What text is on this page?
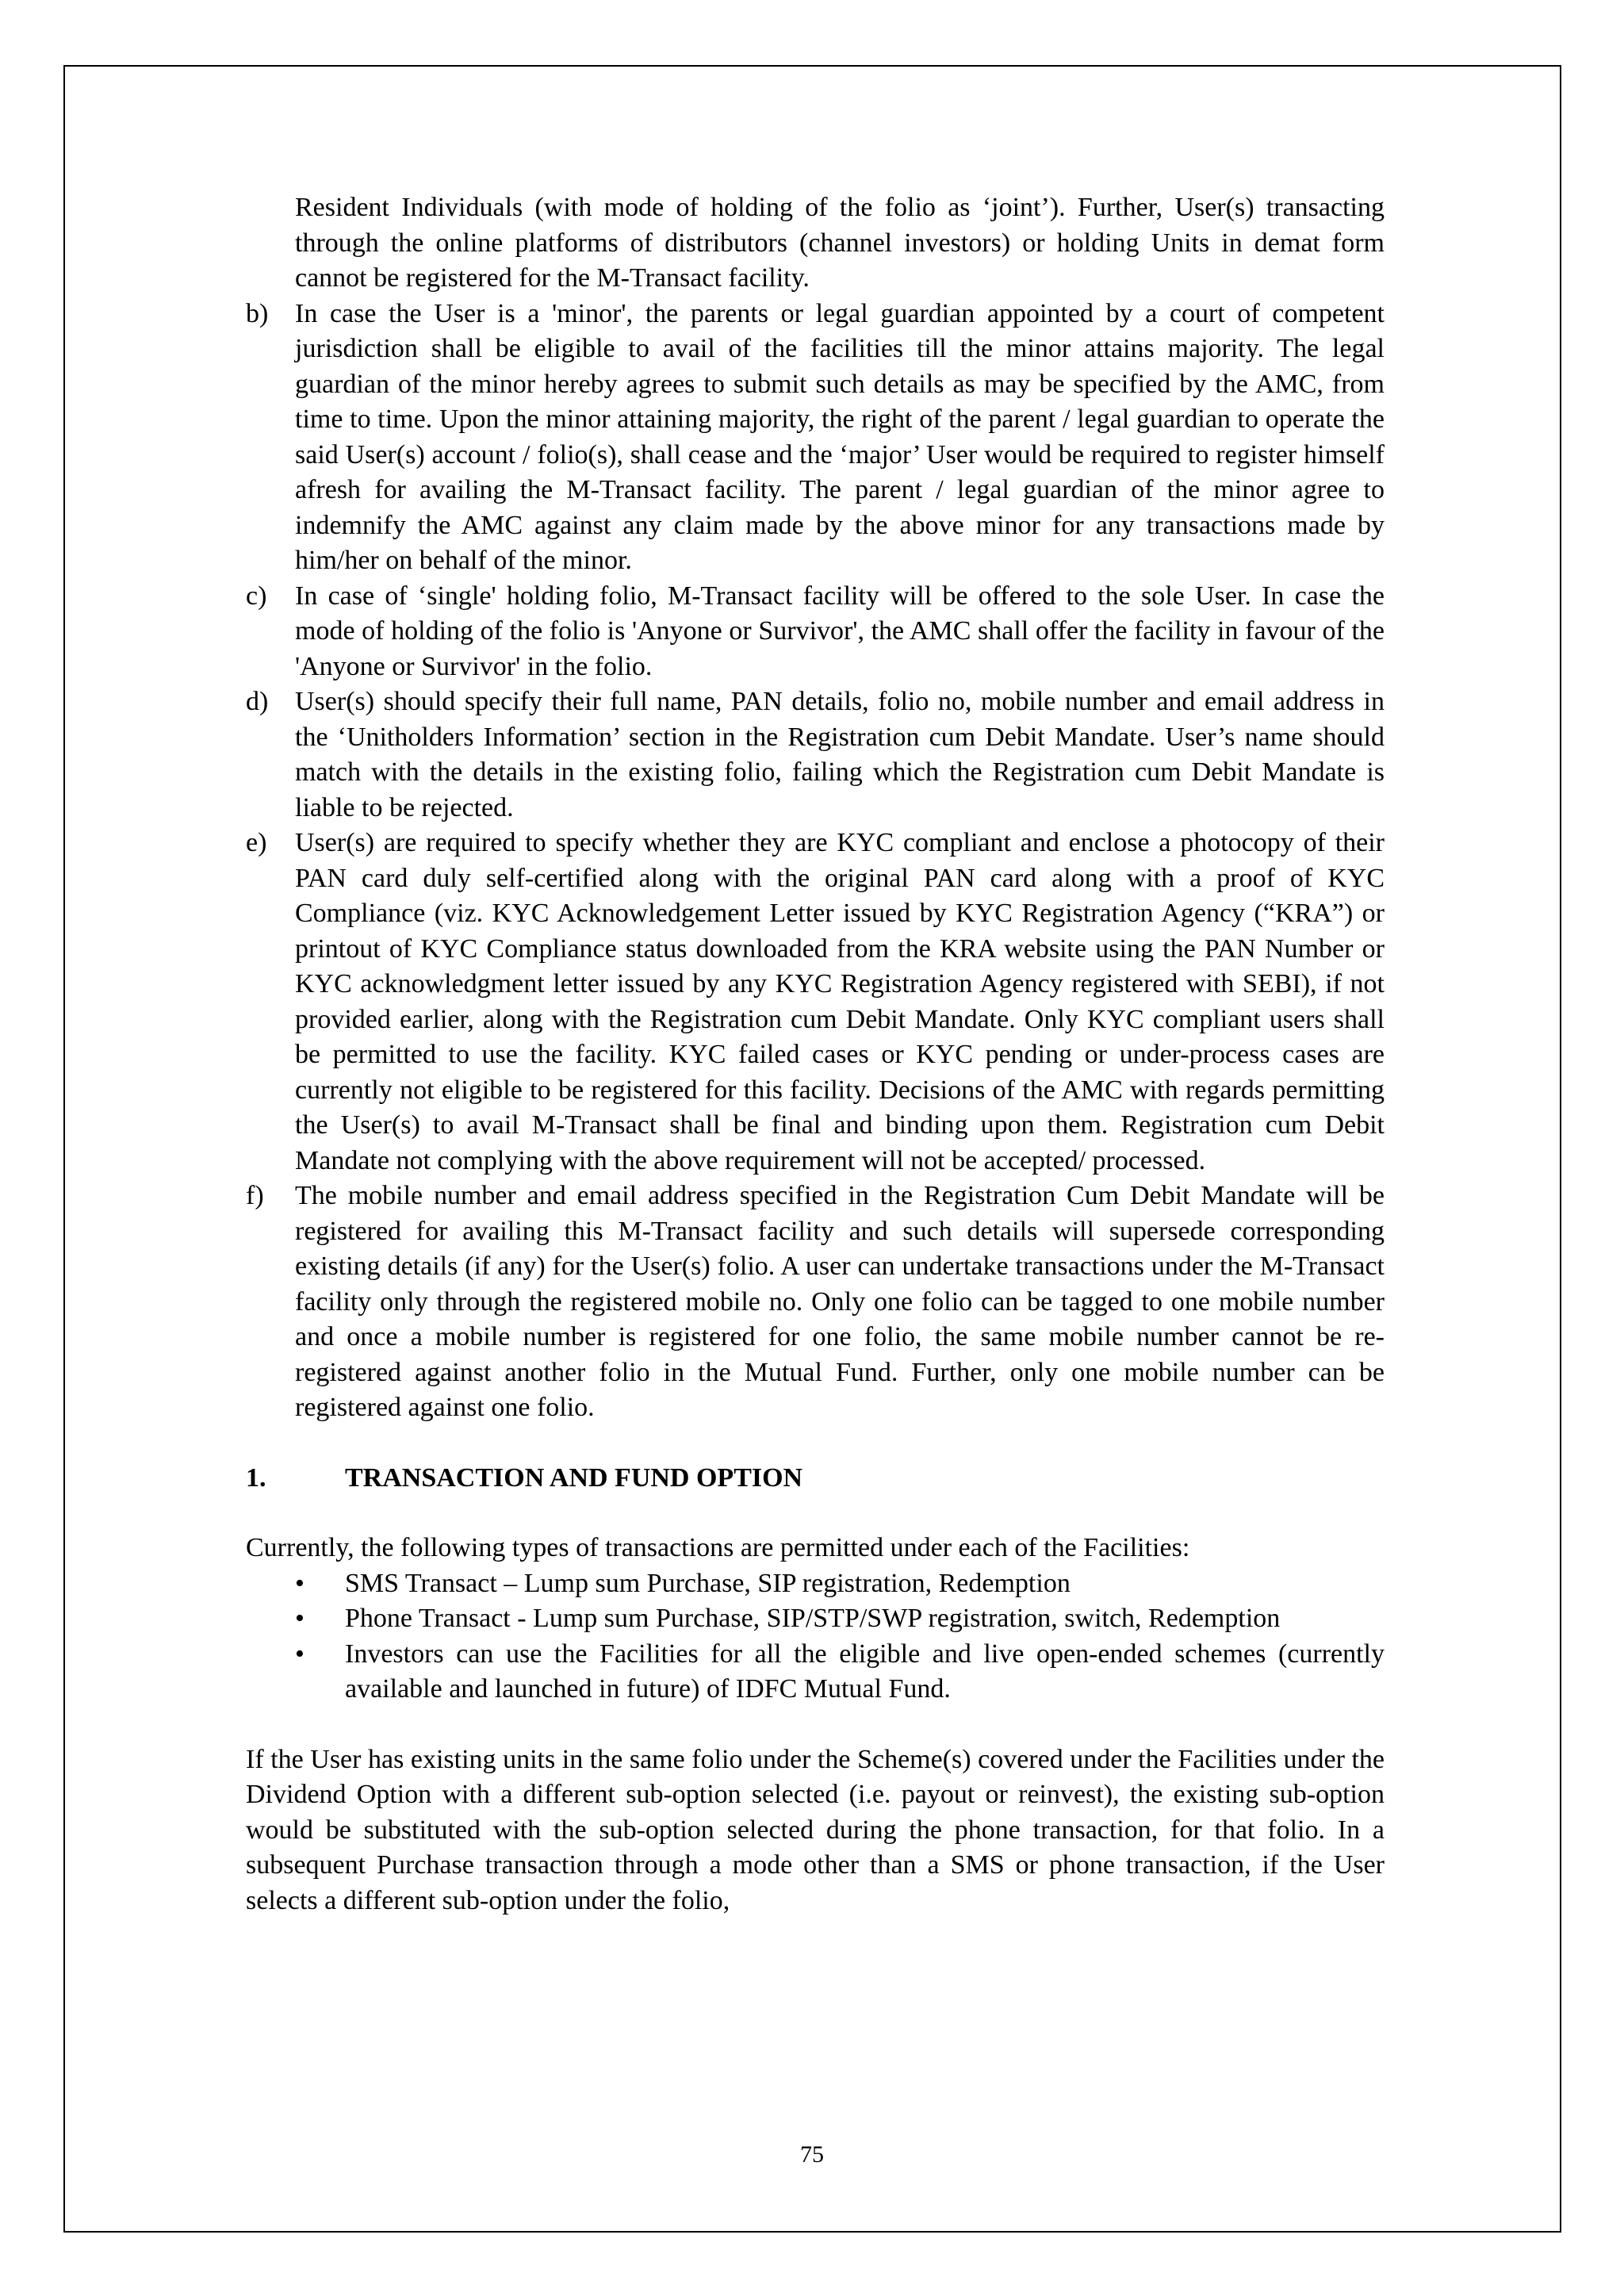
Resident Individuals (with mode of holding of the folio as ‘joint’). Further, User(s) transacting through the online platforms of distributors (channel investors) or holding Units in demat form cannot be registered for the M-Transact facility.

b) In case the User is a 'minor', the parents or legal guardian appointed by a court of competent jurisdiction shall be eligible to avail of the facilities till the minor attains majority. The legal guardian of the minor hereby agrees to submit such details as may be specified by the AMC, from time to time. Upon the minor attaining majority, the right of the parent / legal guardian to operate the said User(s) account / folio(s), shall cease and the ‘major’ User would be required to register himself afresh for availing the M-Transact facility. The parent / legal guardian of the minor agree to indemnify the AMC against any claim made by the above minor for any transactions made by him/her on behalf of the minor.
c)	In case of ‘single' holding folio, M-Transact facility will be offered to the sole User. In case the mode of holding of the folio is 'Anyone or Survivor', the AMC shall offer the facility in favour of the 'Anyone or Survivor' in the folio.
d) User(s) should specify their full name, PAN details, folio no, mobile number and email address in the ‘Unitholders Information’ section in the Registration cum Debit Mandate. User’s name should match with the details in the existing folio, failing which the Registration cum Debit Mandate is liable to be rejected.
e)	User(s) are required to specify whether they are KYC compliant and enclose a photocopy of their PAN card duly self-certified along with the original PAN card along with a proof of KYC Compliance (viz. KYC Acknowledgement Letter issued by KYC Registration Agency (“KRA”) or printout of KYC Compliance status downloaded from the KRA website using the PAN Number or KYC acknowledgment letter issued by any KYC Registration Agency registered with SEBI), if not provided earlier, along with the Registration cum Debit Mandate. Only KYC compliant users shall be permitted to use the facility. KYC failed cases or KYC pending or under-process cases are currently not eligible to be registered for this facility. Decisions of the AMC with regards permitting the User(s) to avail M-Transact shall be final and binding upon them. Registration cum Debit Mandate not complying with the above requirement will not be accepted/ processed.
f)	The mobile number and email address specified in the Registration Cum Debit Mandate will be registered for availing this M-Transact facility and such details will supersede corresponding existing details (if any) for the User(s) folio. A user can undertake transactions under the M-Transact facility only through the registered mobile no. Only one folio can be tagged to one mobile number and once a mobile number is registered for one folio, the same mobile number cannot be re-registered against another folio in the Mutual Fund. Further, only one mobile number can be registered against one folio.
1.	TRANSACTION AND FUND OPTION

Currently, the following types of transactions are permitted under each of the Facilities:

•	SMS Transact – Lump sum Purchase, SIP registration, Redemption
•	Phone Transact - Lump sum Purchase, SIP/STP/SWP registration, switch, Redemption
•	Investors can use the Facilities for all the eligible and live open-ended schemes (currently available and launched in future) of IDFC Mutual Fund.

If the User has existing units in the same folio under the Scheme(s) covered under the Facilities under the Dividend Option with a different sub-option selected (i.e. payout or reinvest), the existing sub-option would be substituted with the sub-option selected during the phone transaction, for that folio. In a subsequent Purchase transaction through a mode other than a SMS or phone transaction, if the User selects a different sub-option under the folio,

75
